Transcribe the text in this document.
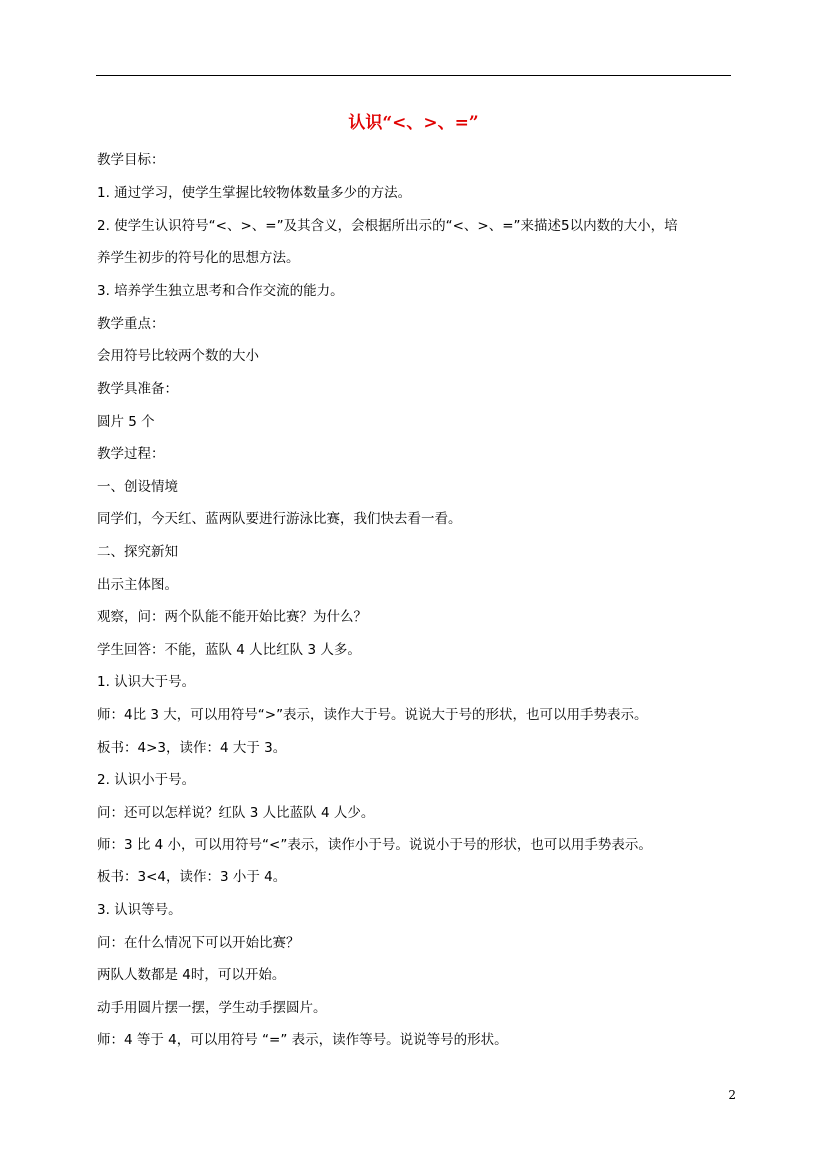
认识“<、>、=”
教学目标：
1. 通过学习，使学生掌握比较物体数量多少的方法。
2. 使学生认识符号“<、>、=”及其含义，会根据所出示的“<、>、=”来描述5以内数的大小，培
养学生初步的符号化的思想方法。
3. 培养学生独立思考和合作交流的能力。
教学重点：
会用符号比较两个数的大小
教学具准备：
圆片 5 个
教学过程：
一、创设情境
同学们，今天红、蓝两队要进行游泳比赛，我们快去看一看。
二、探究新知
出示主体图。
观察，问：两个队能不能开始比赛？为什么？
学生回答：不能，蓝队 4 人比红队 3 人多。
1. 认识大于号。
师：4比 3 大，可以用符号“>”表示，读作大于号。说说大于号的形状，也可以用手势表示。
板书：4>3，读作：4 大于 3。
2. 认识小于号。
问：还可以怎样说？红队 3 人比蓝队 4 人少。
师：3 比 4 小，可以用符号“<”表示，读作小于号。说说小于号的形状，也可以用手势表示。
板书：3<4，读作：3 小于 4。
3. 认识等号。
问：在什么情况下可以开始比赛？
两队人数都是 4时，可以开始。
动手用圆片摆一摆，学生动手摆圆片。
师：4 等于 4，可以用符号 “=” 表示，读作等号。说说等号的形状。
2
